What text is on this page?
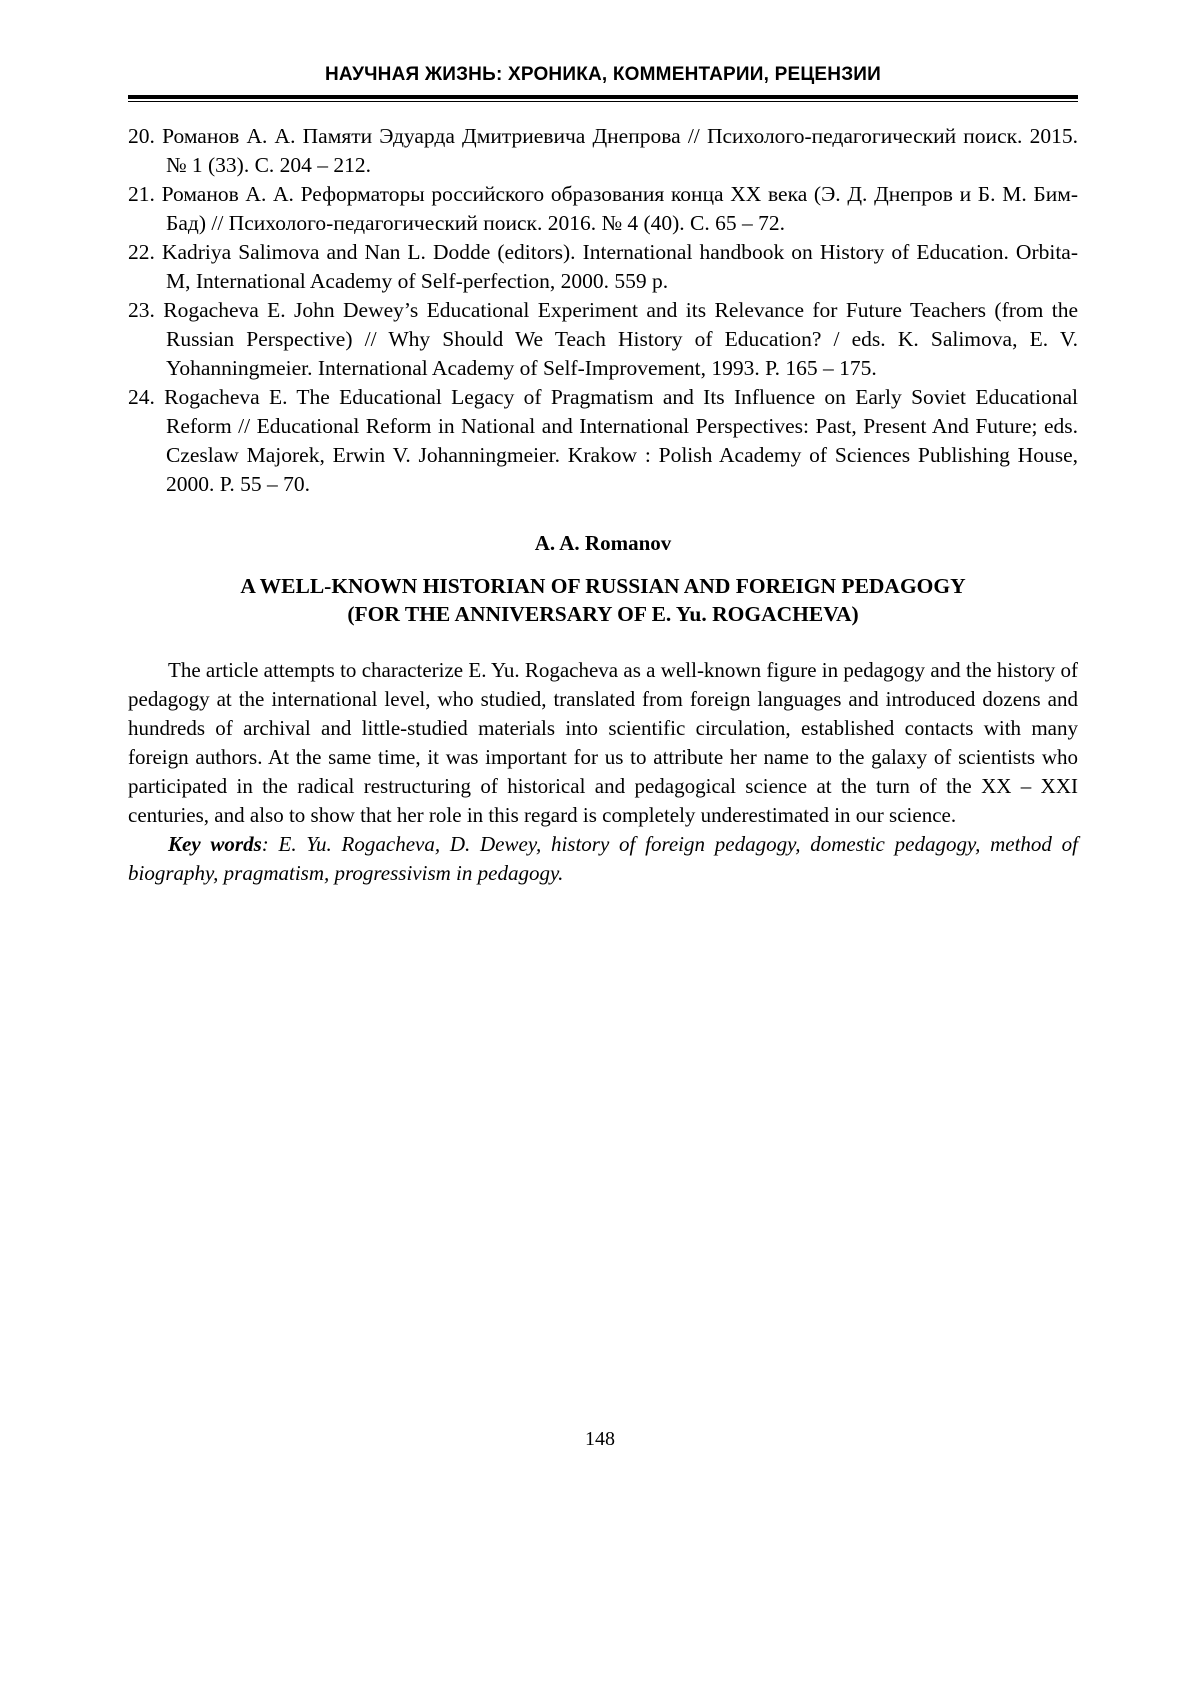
НАУЧНАЯ ЖИЗНЬ: ХРОНИКА, КОММЕНТАРИИ, РЕЦЕНЗИИ

20. Романов А. А. Памяти Эдуарда Дмитриевича Днепрова // Психолого-педагогический поиск. 2015. № 1 (33). С. 204 – 212.

21. Романов А. А. Реформаторы российского образования конца XX века (Э. Д. Днепров и Б. М. Бим-Бад) // Психолого-педагогический поиск. 2016. № 4 (40). С. 65 – 72.

22. Kadriya Salimova and Nan L. Dodde (editors). International handbook on History of Education. Orbita-M, International Academy of Self-perfection, 2000. 559 p.

23. Rogacheva E. John Dewey’s Educational Experiment and its Relevance for Future Teachers (from the Russian Perspective) // Why Should We Teach History of Education? / eds. K. Salimova, E. V. Yohanningmeier. International Academy of Self-Improvement, 1993. P. 165 – 175.

24. Rogacheva E. The Educational Legacy of Pragmatism and Its Influence on Early Soviet Educational Reform // Educational Reform in National and International Perspectives: Past, Present And Future; eds. Czeslaw Majorek, Erwin V. Johanningmeier. Krakow : Polish Academy of Sciences Publishing House, 2000. P. 55 – 70.

A. A. Romanov
A WELL-KNOWN HISTORIAN OF RUSSIAN AND FOREIGN PEDAGOGY
(FOR THE ANNIVERSARY OF E. Yu. ROGACHEVA)

The article attempts to characterize E. Yu. Rogacheva as a well-known figure in pedagogy and the history of pedagogy at the international level, who studied, translated from foreign languages and introduced dozens and hundreds of archival and little-studied materials into scientific circulation, established contacts with many foreign authors. At the same time, it was important for us to attribute her name to the galaxy of scientists who participated in the radical restructuring of historical and pedagogical science at the turn of the XX – XXI centuries, and also to show that her role in this regard is completely underestimated in our science.

Key words: E. Yu. Rogacheva, D. Dewey, history of foreign pedagogy, domestic pedagogy, method of biography, pragmatism, progressivism in pedagogy.

148
